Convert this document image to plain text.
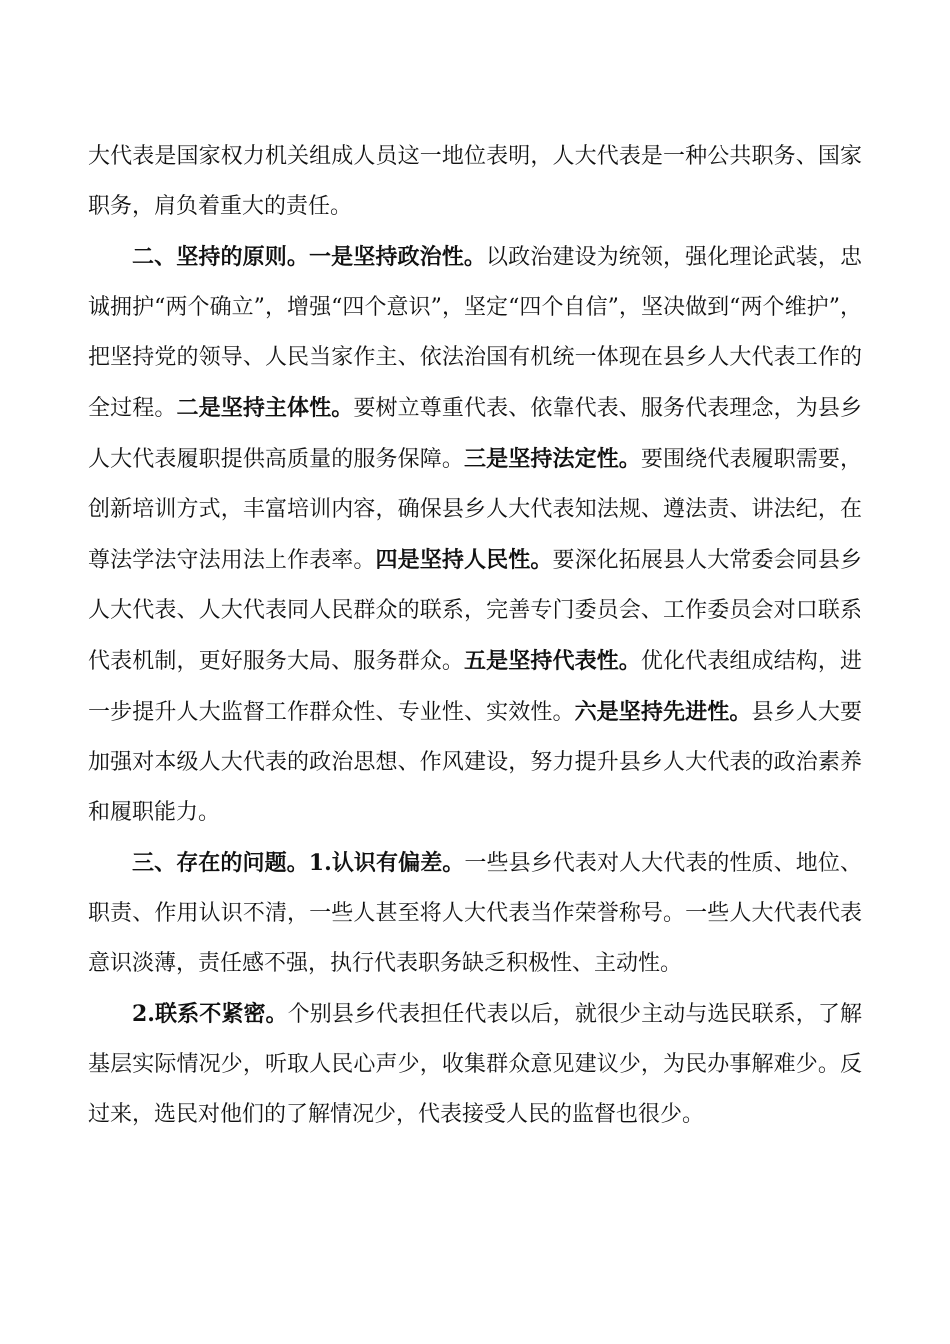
大代表是国家权力机关组成人员这一地位表明，人大代表是一种公共职务、国家职务，肩负着重大的责任。

二、坚持的原则。一是坚持政治性。以政治建设为统领，强化理论武装，忠诚拥护“两个确立”，增强“四个意识”，坚定“四个自信”，坚决做到“两个维护”，把坚持党的领导、人民当家作主、依法治国有机统一体现在县乡人大代表工作的全过程。二是坚持主体性。要树立尊重代表、依靠代表、服务代表理念，为县乡人大代表履职提供高质量的服务保障。三是坚持法定性。要围绕代表履职需要，创新培训方式，丰富培训内容，确保县乡人大代表知法规、遵法责、讲法纪，在尊法学法守法用法上作表率。四是坚持人民性。要深化拓展县人大常委会同县乡人大代表、人大代表同人民群众的联系，完善专门委员会、工作委员会对口联系代表机制，更好服务大局、服务群众。五是坚持代表性。优化代表组成结构，进一步提升人大监督工作群众性、专业性、实效性。六是坚持先进性。县乡人大要加强对本级人大代表的政治思想、作风建设，努力提升县乡人大代表的政治素养和履职能力。

三、存在的问题。1.认识有偏差。一些县乡代表对人大代表的性质、地位、职责、作用认识不清，一些人甚至将人大代表当作荣誉称号。一些人大代表代表意识淡薄，责任感不强，执行代表职务缺乏积极性、主动性。

2.联系不紧密。个别县乡代表担任代表以后，就很少主动与选民联系，了解基层实际情况少，听取人民心声少，收集群众意见建议少，为民办事解难少。反过来，选民对他们的了解情况少，代表接受人民的监督也很少。
